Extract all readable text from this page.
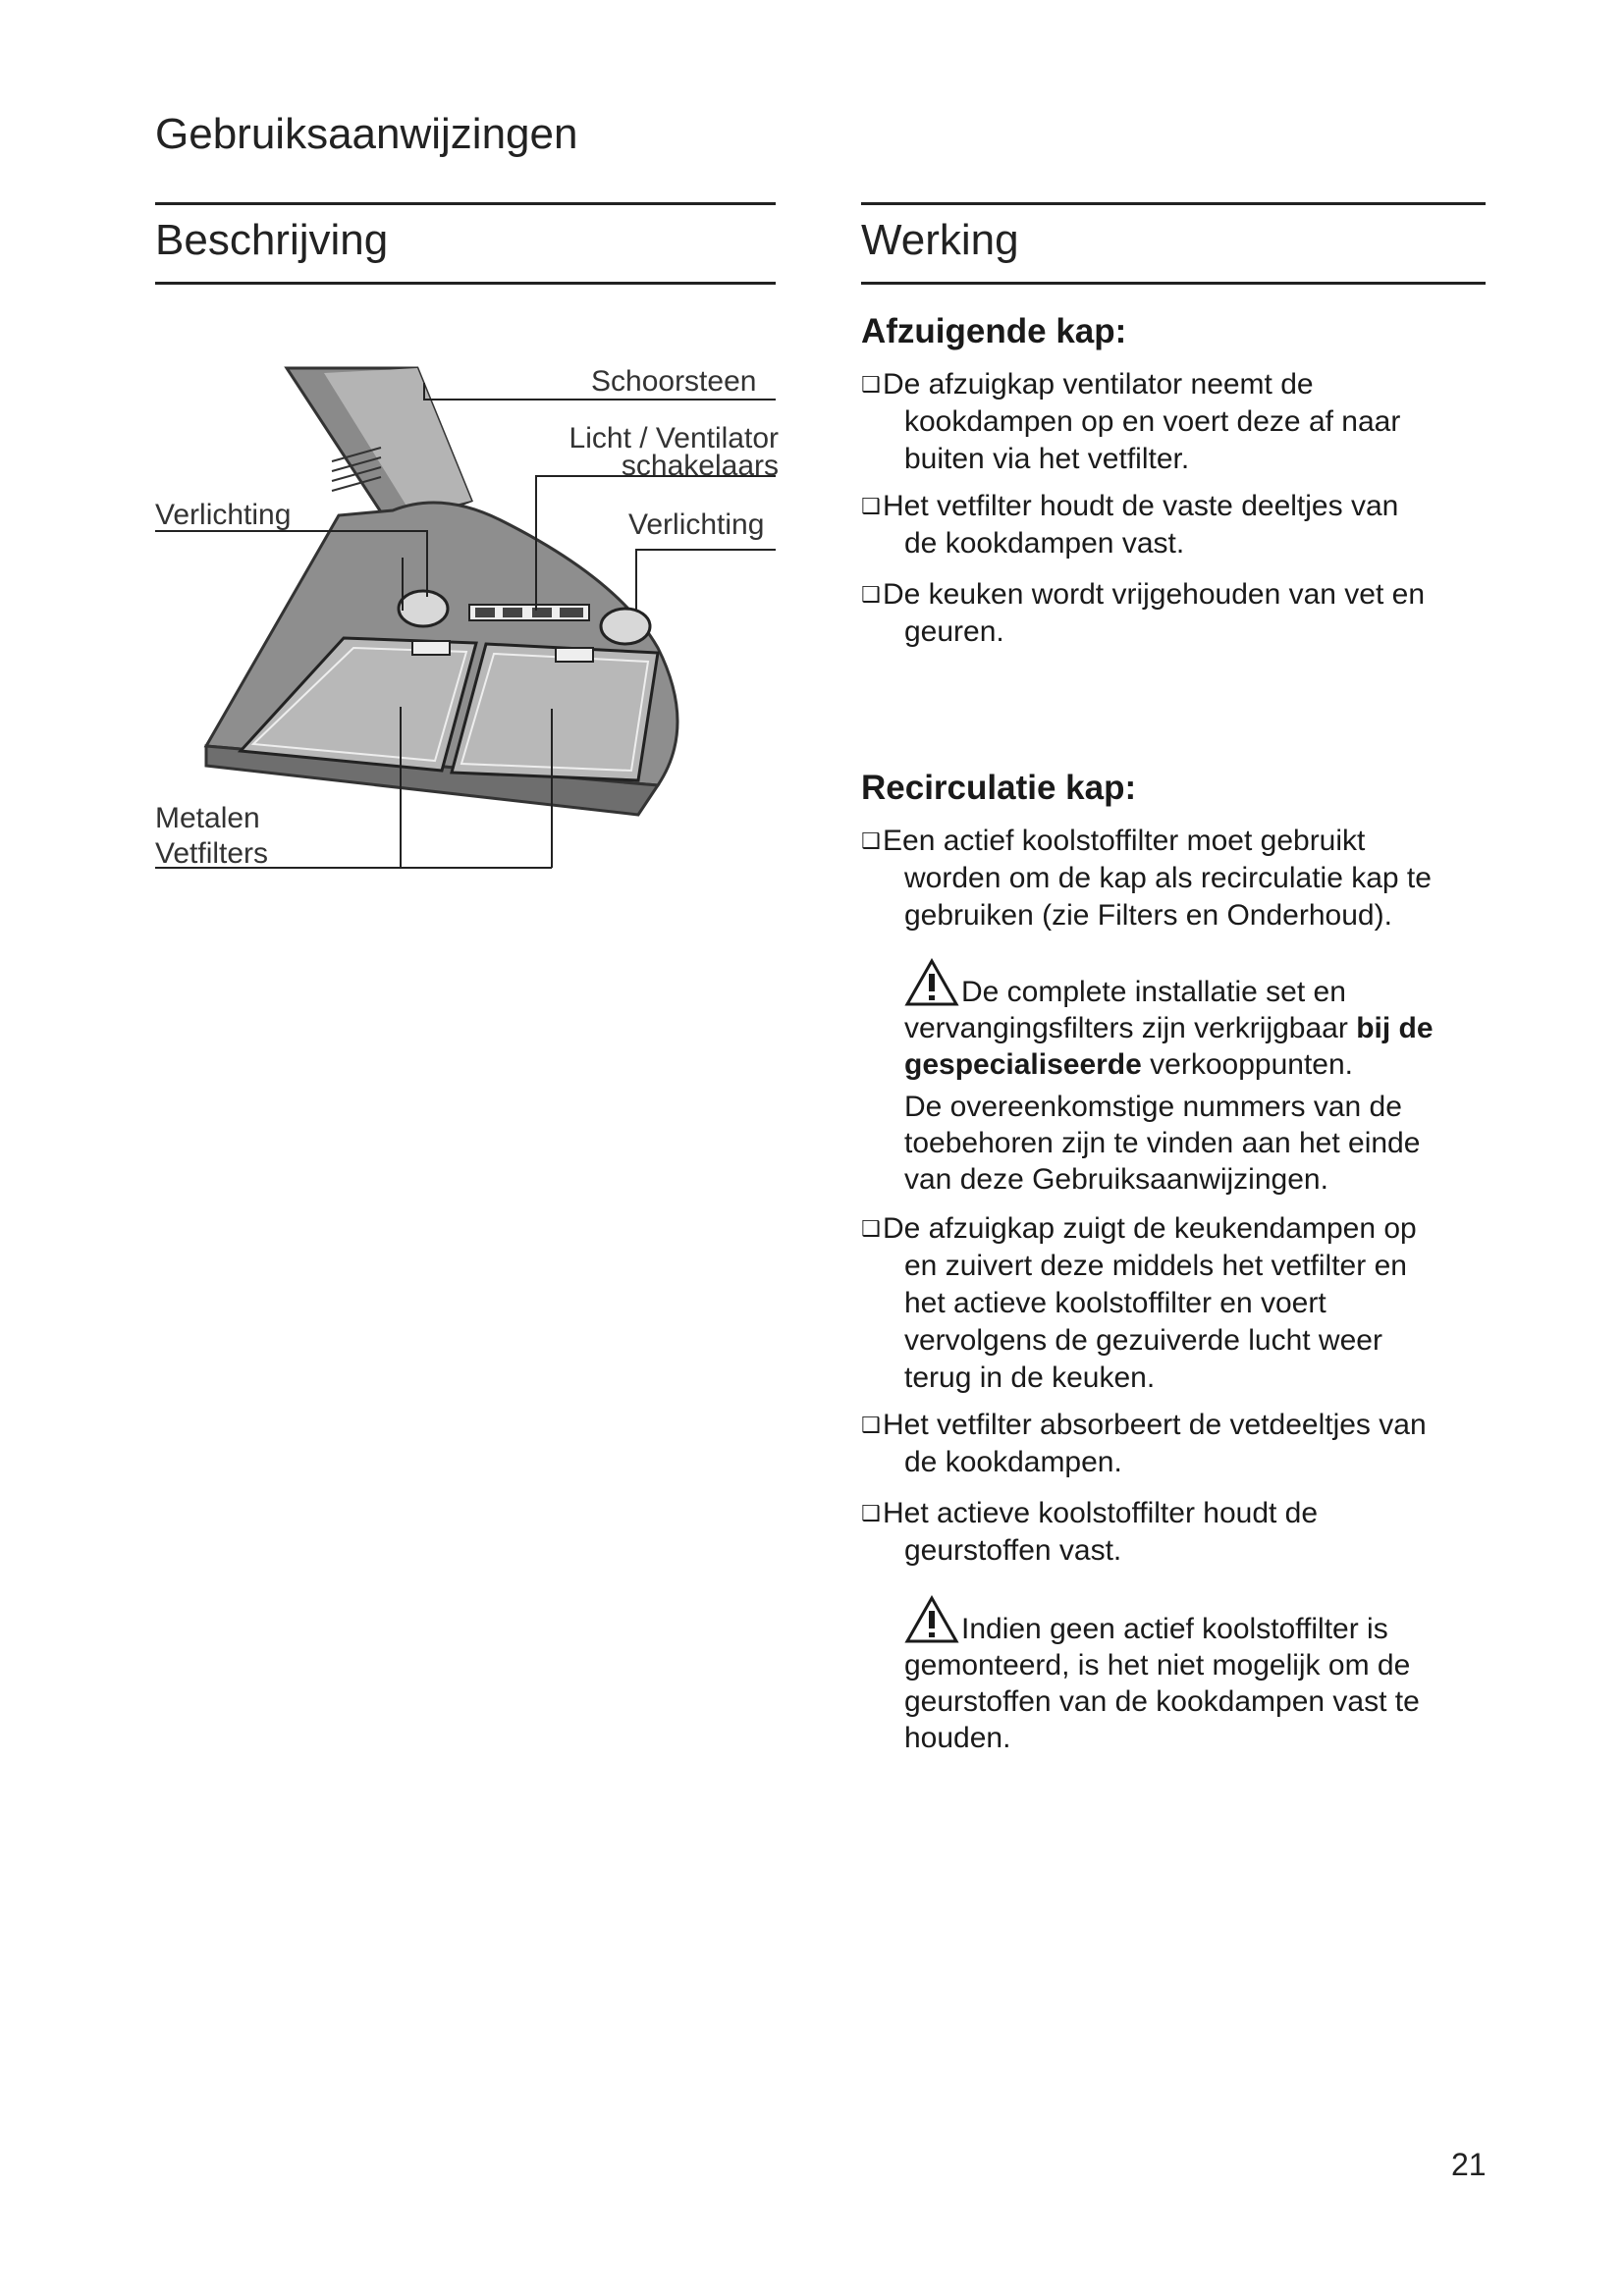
Gebruiksaanwijzingen
Beschrijving
Schoorsteen
Licht / Ventilator
schakelaars
Verlichting	Verlichting
Metalen
Vetfilters
Werking
Afzuigende kap:
❑De afzuigkap ventilator neemt de
kookdampen op en voert deze af naar
buiten via het vetfilter.
❑Het vetfilter houdt de vaste deeltjes van
de kookdampen vast.
❑De keuken wordt vrijgehouden van vet en
geuren.
Recirculatie kap:
❑Een actief koolstoffilter moet gebruikt
worden om de kap als recirculatie kap te
gebruiken (zie Filters en Onderhoud).
De complete installatie set en
vervangingsfilters zijn verkrijgbaar bij de
gespecialiseerde verkooppunten.
De overeenkomstige nummers van de
toebehoren zijn te vinden aan het einde
van deze Gebruiksaanwijzingen.
❑De afzuigkap zuigt de keukendampen op
en zuivert deze middels het vetfilter en
het actieve koolstoffilter en voert
vervolgens de gezuiverde lucht weer
terug in de keuken.
❑Het vetfilter absorbeert de vetdeeltjes van
de kookdampen.
❑Het actieve koolstoffilter houdt de
geurstoffen vast.
Indien geen actief koolstoffilter is
gemonteerd, is het niet mogelijk om de
geurstoffen van de kookdampen vast te
houden.
21
